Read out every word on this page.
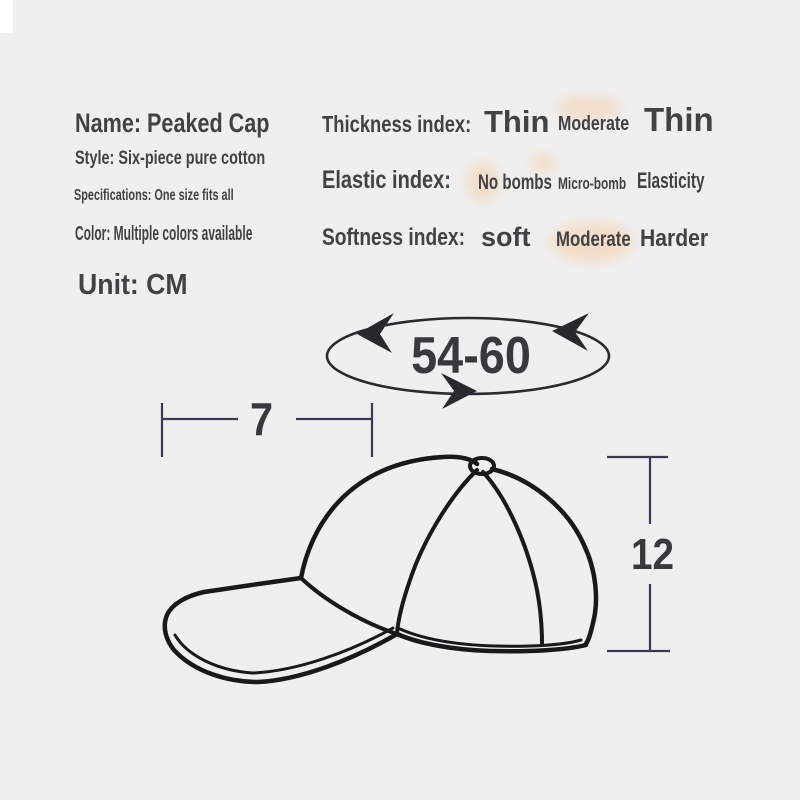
Name: Peaked Cap
Style: Six-piece pure cotton
Specifications: One size fits all
Color: Multiple colors available
Unit: CM
Thickness index: Thin Moderate Thin
Elastic index: No bombs Micro-bomb Elasticity
Softness index: soft Moderate Harder
54-60
7
12
